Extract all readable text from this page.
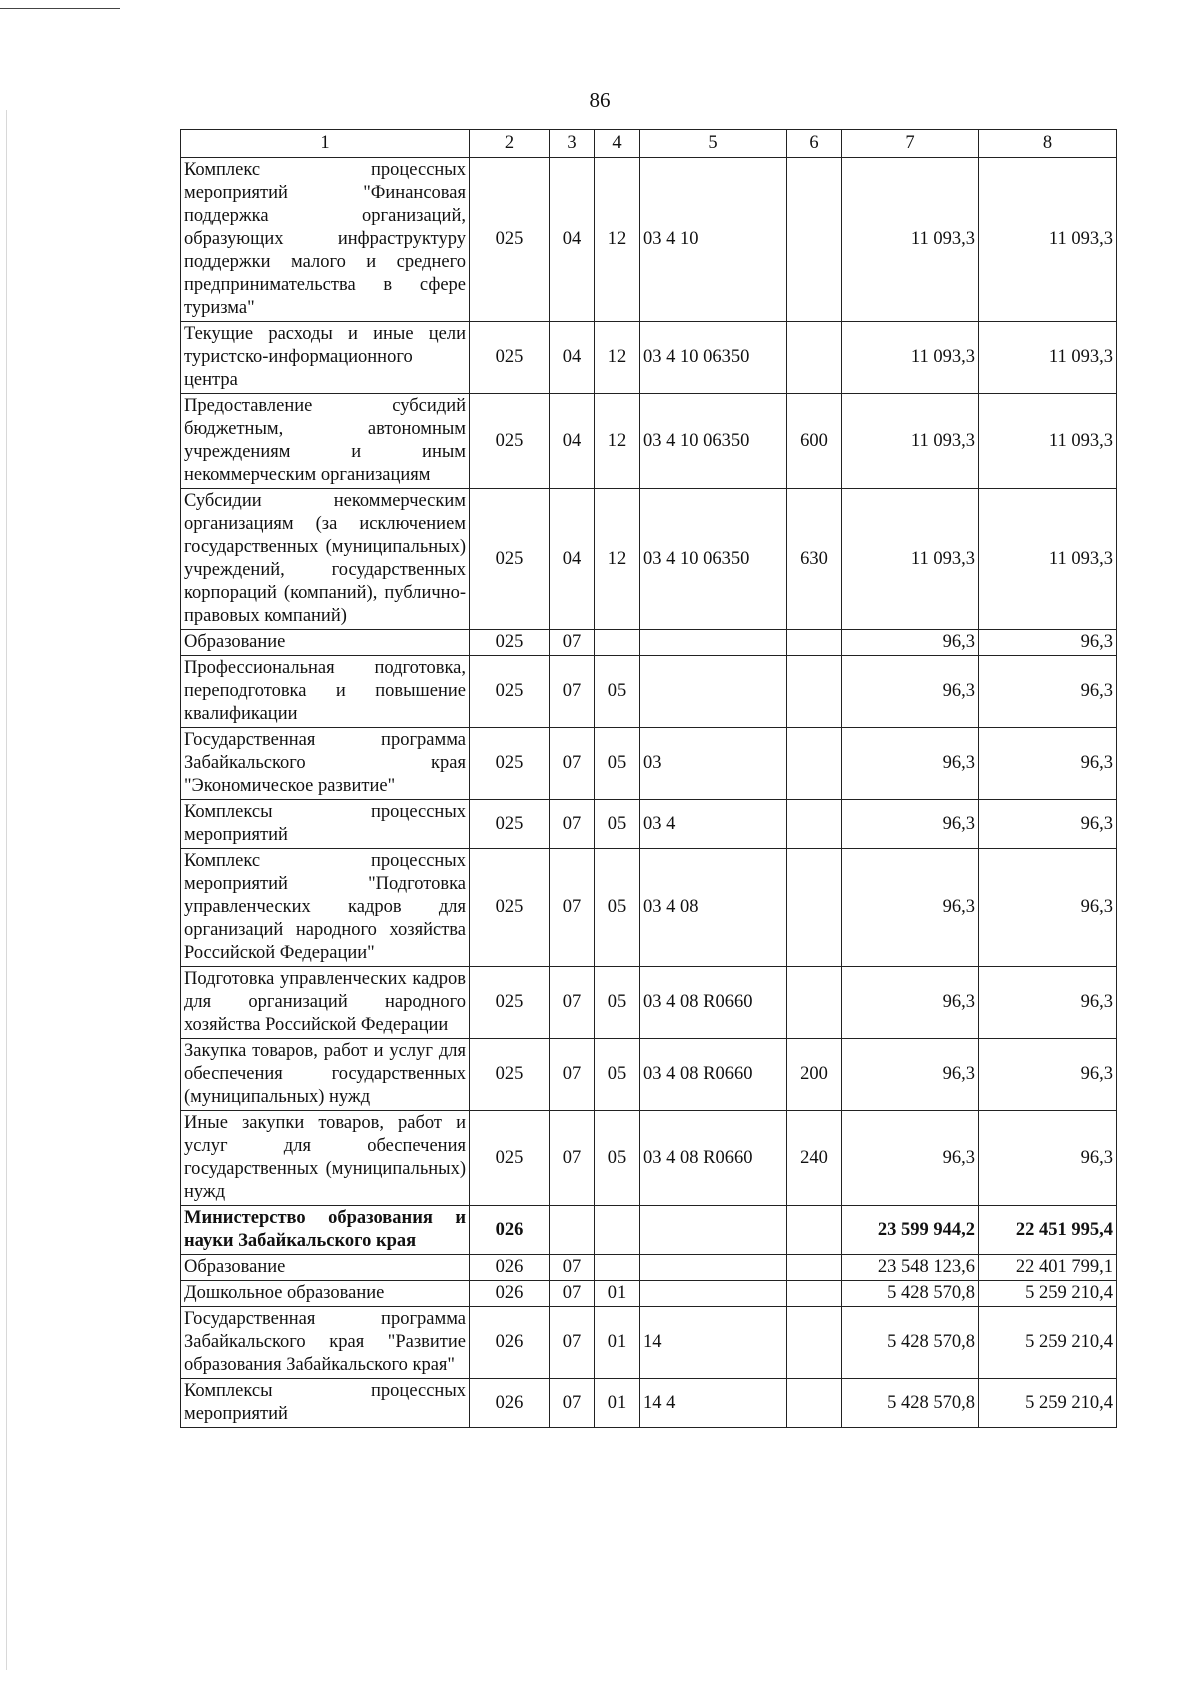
86
1	2	3	4	5	6	7	8
Комплекс процессных мероприятий "Финансовая поддержка организаций, образующих инфраструктуру поддержки малого и среднего предпринимательства в сфере туризма"	025	04	12	03 4 10		11 093,3	11 093,3
Текущие расходы и иные цели туристско-информационного центра	025	04	12	03 4 10 06350		11 093,3	11 093,3
Предоставление субсидий бюджетным, автономным учреждениям и иным некоммерческим организациям	025	04	12	03 4 10 06350	600	11 093,3	11 093,3
Субсидии некоммерческим организациям (за исключением государственных (муниципальных) учреждений, государственных корпораций (компаний), публично-правовых компаний)	025	04	12	03 4 10 06350	630	11 093,3	11 093,3
Образование	025	07				96,3	96,3
Профессиональная подготовка, переподготовка и повышение квалификации	025	07	05			96,3	96,3
Государственная программа Забайкальского края "Экономическое развитие"	025	07	05	03		96,3	96,3
Комплексы процессных мероприятий	025	07	05	03 4		96,3	96,3
Комплекс процессных мероприятий "Подготовка управленческих кадров для организаций народного хозяйства Российской Федерации"	025	07	05	03 4 08		96,3	96,3
Подготовка управленческих кадров для организаций народного хозяйства Российской Федерации	025	07	05	03 4 08 R0660		96,3	96,3
Закупка товаров, работ и услуг для обеспечения государственных (муниципальных) нужд	025	07	05	03 4 08 R0660	200	96,3	96,3
Иные закупки товаров, работ и услуг для обеспечения государственных (муниципальных) нужд	025	07	05	03 4 08 R0660	240	96,3	96,3
Министерство образования и науки Забайкальского края	026					23 599 944,2	22 451 995,4
Образование	026	07				23 548 123,6	22 401 799,1
Дошкольное образование	026	07	01			5 428 570,8	5 259 210,4
Государственная программа Забайкальского края "Развитие образования Забайкальского края"	026	07	01	14		5 428 570,8	5 259 210,4
Комплексы процессных мероприятий	026	07	01	14 4		5 428 570,8	5 259 210,4
